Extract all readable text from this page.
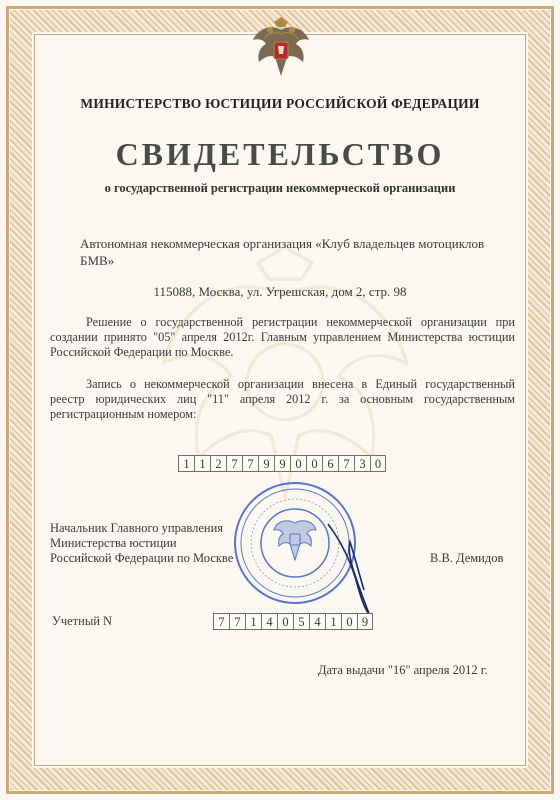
МИНИСТЕРСТВО ЮСТИЦИИ РОССИЙСКОЙ ФЕДЕРАЦИИ
СВИДЕТЕЛЬСТВО
о государственной регистрации некоммерческой организации
Автономная некоммерческая организация «Клуб владельцев мотоциклов БМВ»
115088, Москва, ул. Угрешская, дом 2, стр. 98
Решение о государственной регистрации некоммерческой организации при создании принято "05" апреля 2012г. Главным управлением Министерства юстиции Российской Федерации по Москве.
Запись о некоммерческой организации внесена в Единый государственный реестр юридических лиц "11" апреля 2012 г. за основным государственным регистрационным номером:
1 1 2 7 7 9 9 0 0 6 7 3 0
Начальник Главного управления
Министерства юстиции
Российской Федерации по Москве	В.В. Демидов
Учетный N	7 7 1 4 0 5 4 1 0 9
Дата выдачи "16" апреля 2012 г.
